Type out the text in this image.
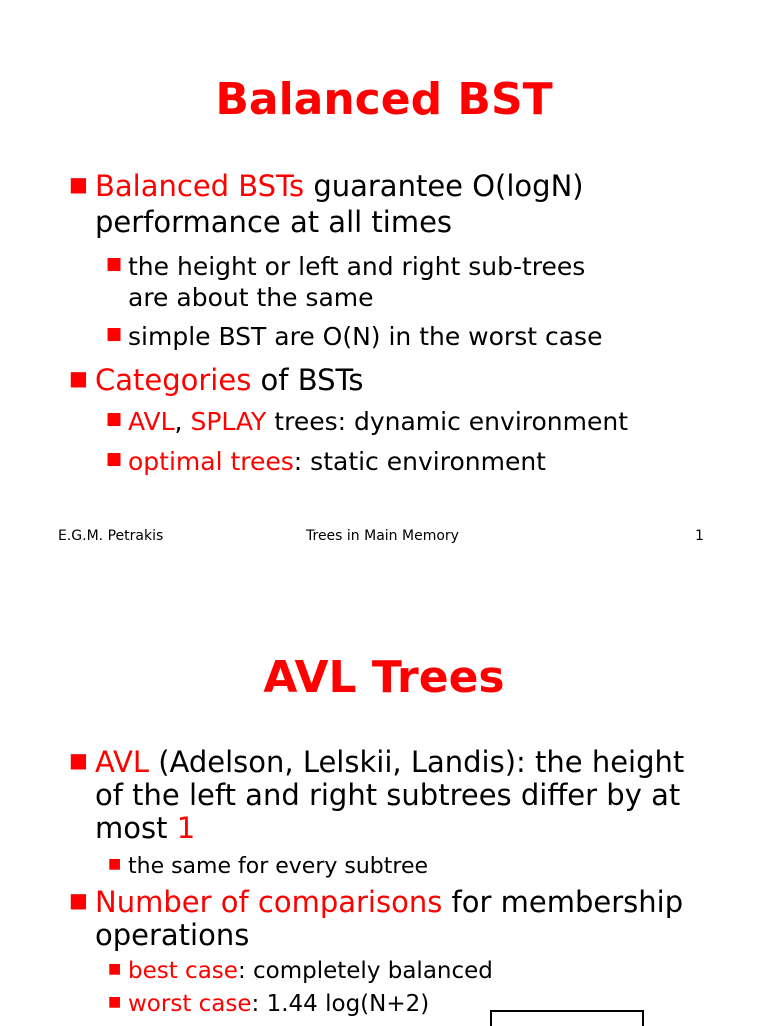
Balanced BST
■ Balanced BSTs guarantee O(logN)
performance at all times
■ the height or left and right sub-trees
are about the same
■ simple BST are O(N) in the worst case
■ Categories of BSTs
■ AVL, SPLAY trees: dynamic environment
■ optimal trees: static environment
E.G.M. Petrakis	Trees in Main Memory	1
AVL Trees
■ AVL (Adelson, Lelskii, Landis): the height
of the left and right subtrees differ by at
most 1
■ the same for every subtree
■ Number of comparisons for membership
operations
■ best case: completely balanced
■ worst case: 1.44 log(N+2)
